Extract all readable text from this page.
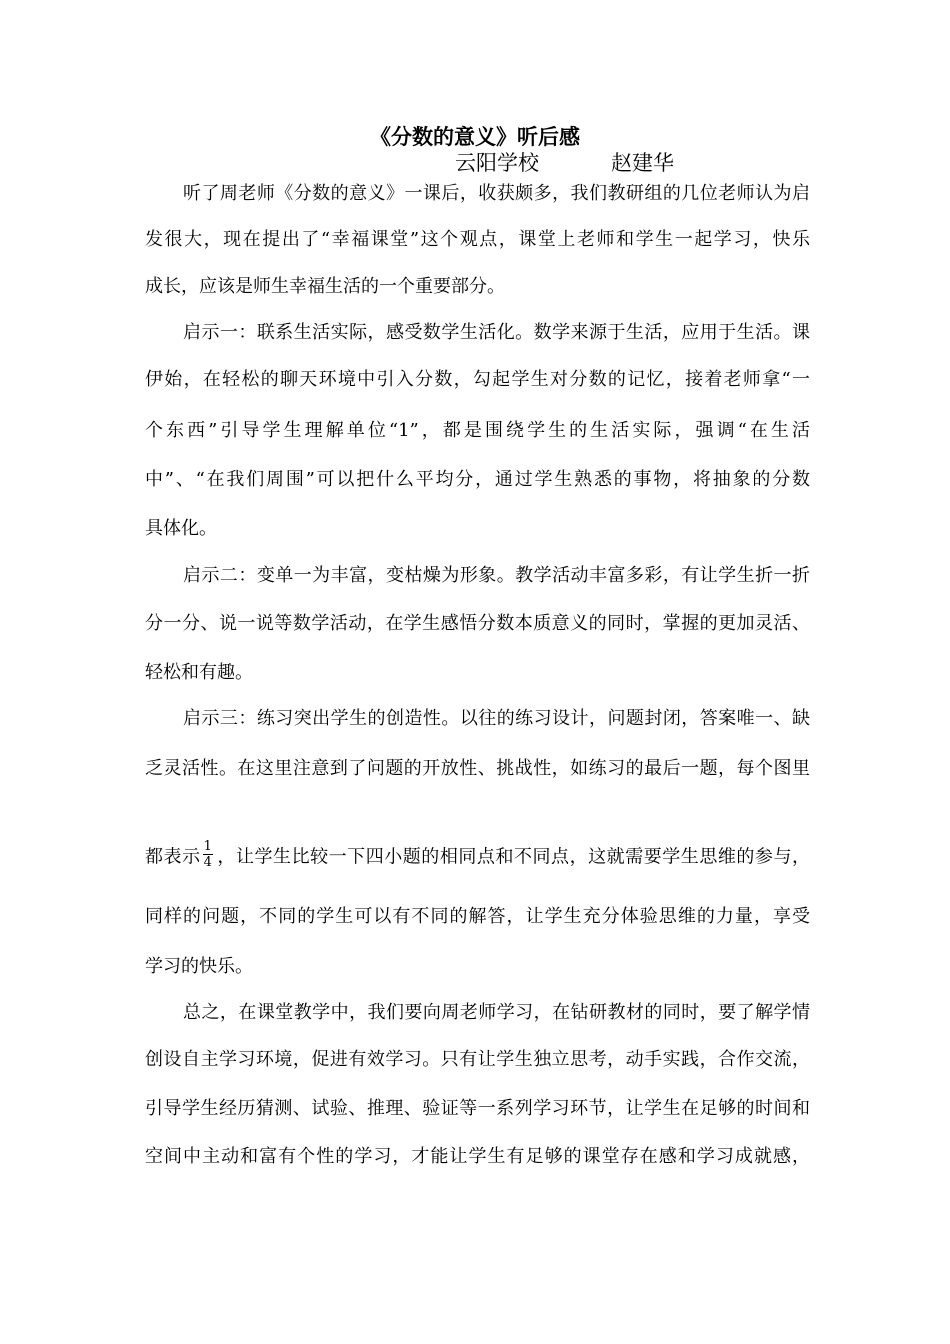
《分数的意义》听后感
云阳学校	赵建华
听了周老师《分数的意义》一课后，收获颇多，我们教研组的几位老师认为启
发很大，现在提出了“幸福课堂”这个观点，课堂上老师和学生一起学习，快乐
成长，应该是师生幸福生活的一个重要部分。
启示一：联系生活实际，感受数学生活化。数学来源于生活，应用于生活。课
伊始，在轻松的聊天环境中引入分数，勾起学生对分数的记忆，接着老师拿“一
个东西”引导学生理解单位“1”，都是围绕学生的生活实际，强调“在生活
中”、“在我们周围”可以把什么平均分，通过学生熟悉的事物，将抽象的分数
具体化。
启示二：变单一为丰富，变枯燥为形象。教学活动丰富多彩，有让学生折一折
分一分、说一说等数学活动，在学生感悟分数本质意义的同时，掌握的更加灵活、
轻松和有趣。
启示三：练习突出学生的创造性。以往的练习设计，问题封闭，答案唯一、缺
乏灵活性。在这里注意到了问题的开放性、挑战性，如练习的最后一题，每个图里
都表示 $\frac{1}{4}$ ，让学生比较一下四小题的相同点和不同点，这就需要学生思维的参与，
同样的问题，不同的学生可以有不同的解答，让学生充分体验思维的力量，享受
学习的快乐。
总之，在课堂教学中，我们要向周老师学习，在钻研教材的同时，要了解学情
创设自主学习环境，促进有效学习。只有让学生独立思考，动手实践，合作交流，
引导学生经历猜测、试验、推理、验证等一系列学习环节，让学生在足够的时间和
空间中主动和富有个性的学习，才能让学生有足够的课堂存在感和学习成就感，
